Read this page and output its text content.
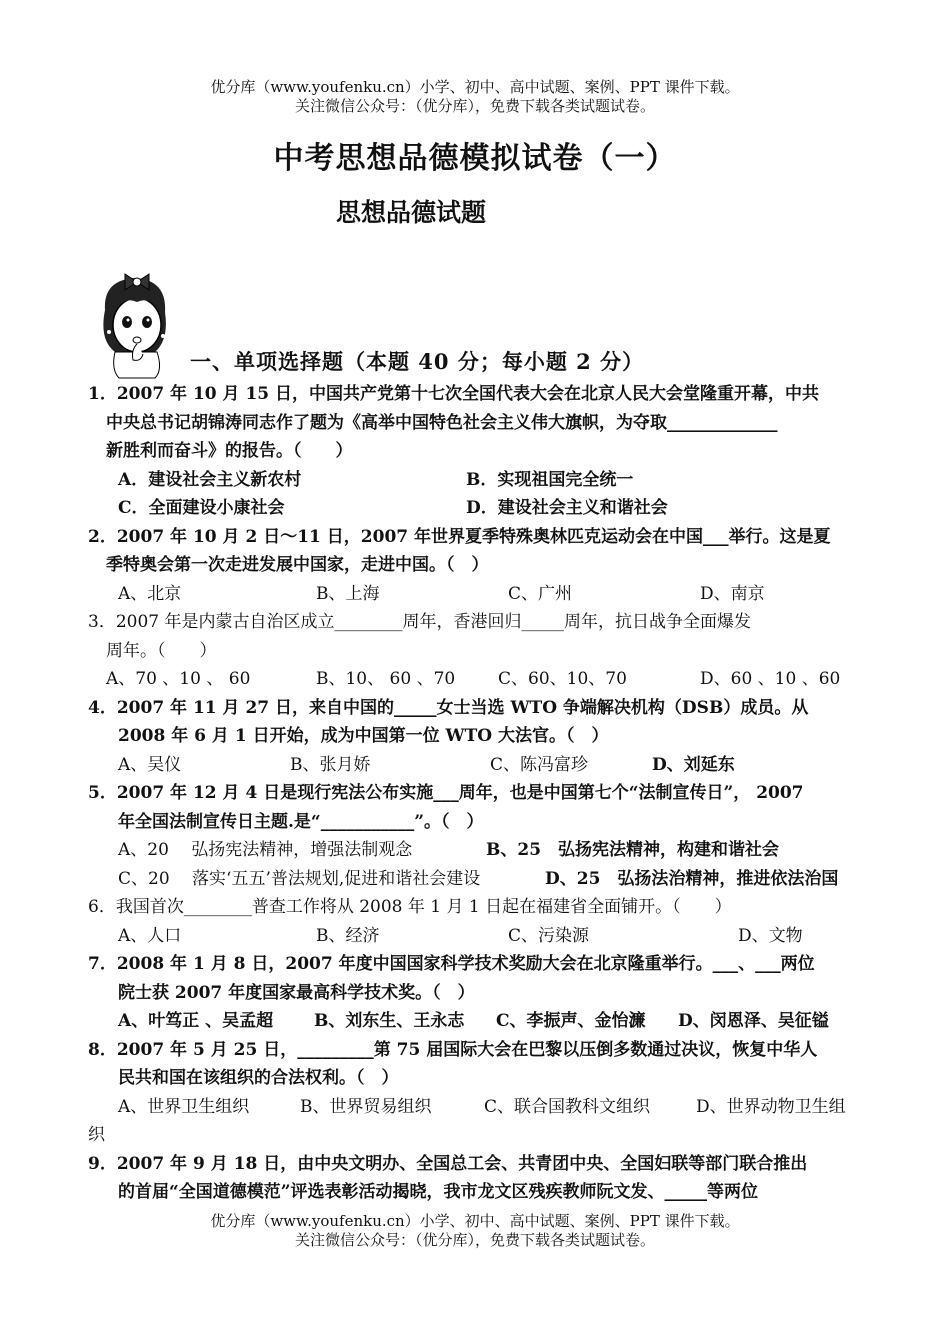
优分库（www.youfenku.cn）小学、初中、高中试题、案例、PPT 课件下载。
关注微信公众号：（优分库），免费下载各类试题试卷。
中考思想品德模拟试卷（一）
思想品德试题
一、单项选择题（本题 40 分；每小题 2 分）
1．2007 年 10 月 15 日，中国共产党第十七次全国代表大会在北京人民大会堂隆重开幕，中共
中央总书记胡锦涛同志作了题为《高举中国特色社会主义伟大旗帜，为夺取_____________
新胜利而奋斗》的报告。（　　）
A．建设社会主义新农村	B．实现祖国完全统一
C．全面建设小康社会	D．建设社会主义和谐社会
2．2007 年 10 月 2 日～11 日，2007 年世界夏季特殊奥林匹克运动会在中国___举行。这是夏
季特奥会第一次走进发展中国家，走进中国。（　）
A、北京	B、上海	C、广州	D、南京
3．2007 年是内蒙古自治区成立________周年，香港回归_____周年，抗日战争全面爆发
周年。（　　）
A、70 、10 、 60	B、10、 60 、70	C、60、10、70	D、60 、10 、60
4．2007 年 11 月 27 日，来自中国的_____女士当选 WTO 争端解决机构（DSB）成员。从
2008 年 6 月 1 日开始，成为中国第一位 WTO 大法官。（　）
A、吴仪	B、张月娇	C、陈冯富珍	D、刘延东
5．2007 年 12 月 4 日是现行宪法公布实施___周年，也是中国第七个“法制宣传日”， 2007
年全国法制宣传日主题.是“___________”。（　）
A、20　 弘扬宪法精神，增强法制观念	B、25　弘扬宪法精神，构建和谐社会
C、20　 落实‘五五’普法规划,促进和谐社会建设	D、25　弘扬法治精神，推进依法治国
6．我国首次________普查工作将从 2008 年 1 月 1 日起在福建省全面铺开。（　　）
A、人口	B、经济	C、污染源	D、文物
7．2008 年 1 月 8 日，2007 年度中国国家科学技术奖励大会在北京隆重举行。___、___两位
院士获 2007 年度国家最高科学技术奖。（　）
A、叶笃正 、吴孟超 B、刘东生、王永志 C、李振声、金怡濂 D、闵恩泽、吴征镒
8．2007 年 5 月 25 日，_________第 75 届国际大会在巴黎以压倒多数通过决议，恢复中华人
民共和国在该组织的合法权利。（　）
A、世界卫生组织	B、世界贸易组织	C、联合国教科文组织	D、世界动物卫生组
织
9．2007 年 9 月 18 日，由中央文明办、全国总工会、共青团中央、全国妇联等部门联合推出
的首届“全国道德模范”评选表彰活动揭晓，我市龙文区残疾教师阮文发、_____等两位
优分库（www.youfenku.cn）小学、初中、高中试题、案例、PPT 课件下载。
关注微信公众号：（优分库），免费下载各类试题试卷。
